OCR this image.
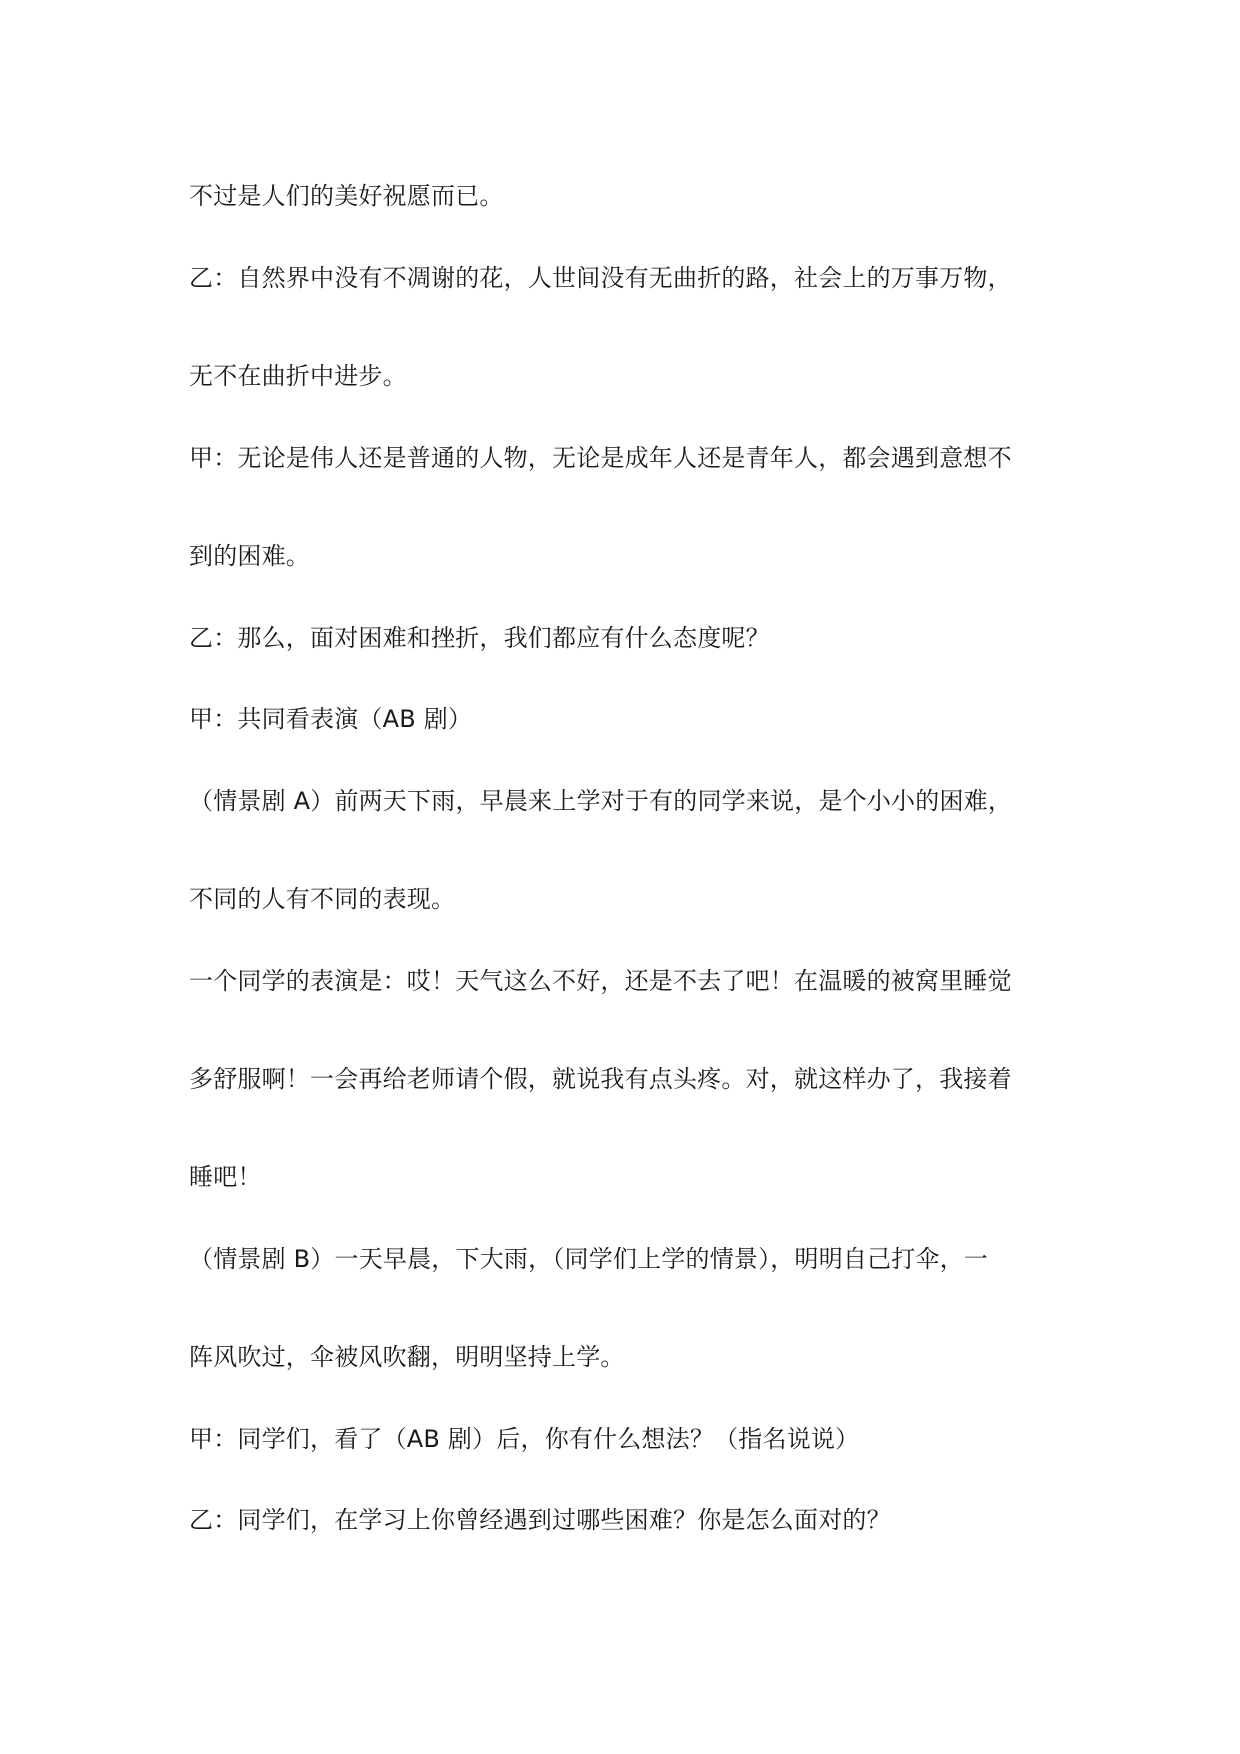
不过是人们的美好祝愿而已。

乙：自然界中没有不凋谢的花，人世间没有无曲折的路，社会上的万事万物，

无不在曲折中进步。

甲：无论是伟人还是普通的人物，无论是成年人还是青年人，都会遇到意想不

到的困难。

乙：那么，面对困难和挫折，我们都应有什么态度呢？

甲：共同看表演（AB 剧）

（情景剧 A）前两天下雨，早晨来上学对于有的同学来说，是个小小的困难，

不同的人有不同的表现。

一个同学的表演是：哎！天气这么不好，还是不去了吧！在温暖的被窝里睡觉

多舒服啊！一会再给老师请个假，就说我有点头疼。对，就这样办了，我接着

睡吧！

（情景剧 B）一天早晨，下大雨，（同学们上学的情景），明明自己打伞，一

阵风吹过，伞被风吹翻，明明坚持上学。

甲：同学们，看了（AB 剧）后，你有什么想法？（指名说说）

乙：同学们，在学习上你曾经遇到过哪些困难？你是怎么面对的？
